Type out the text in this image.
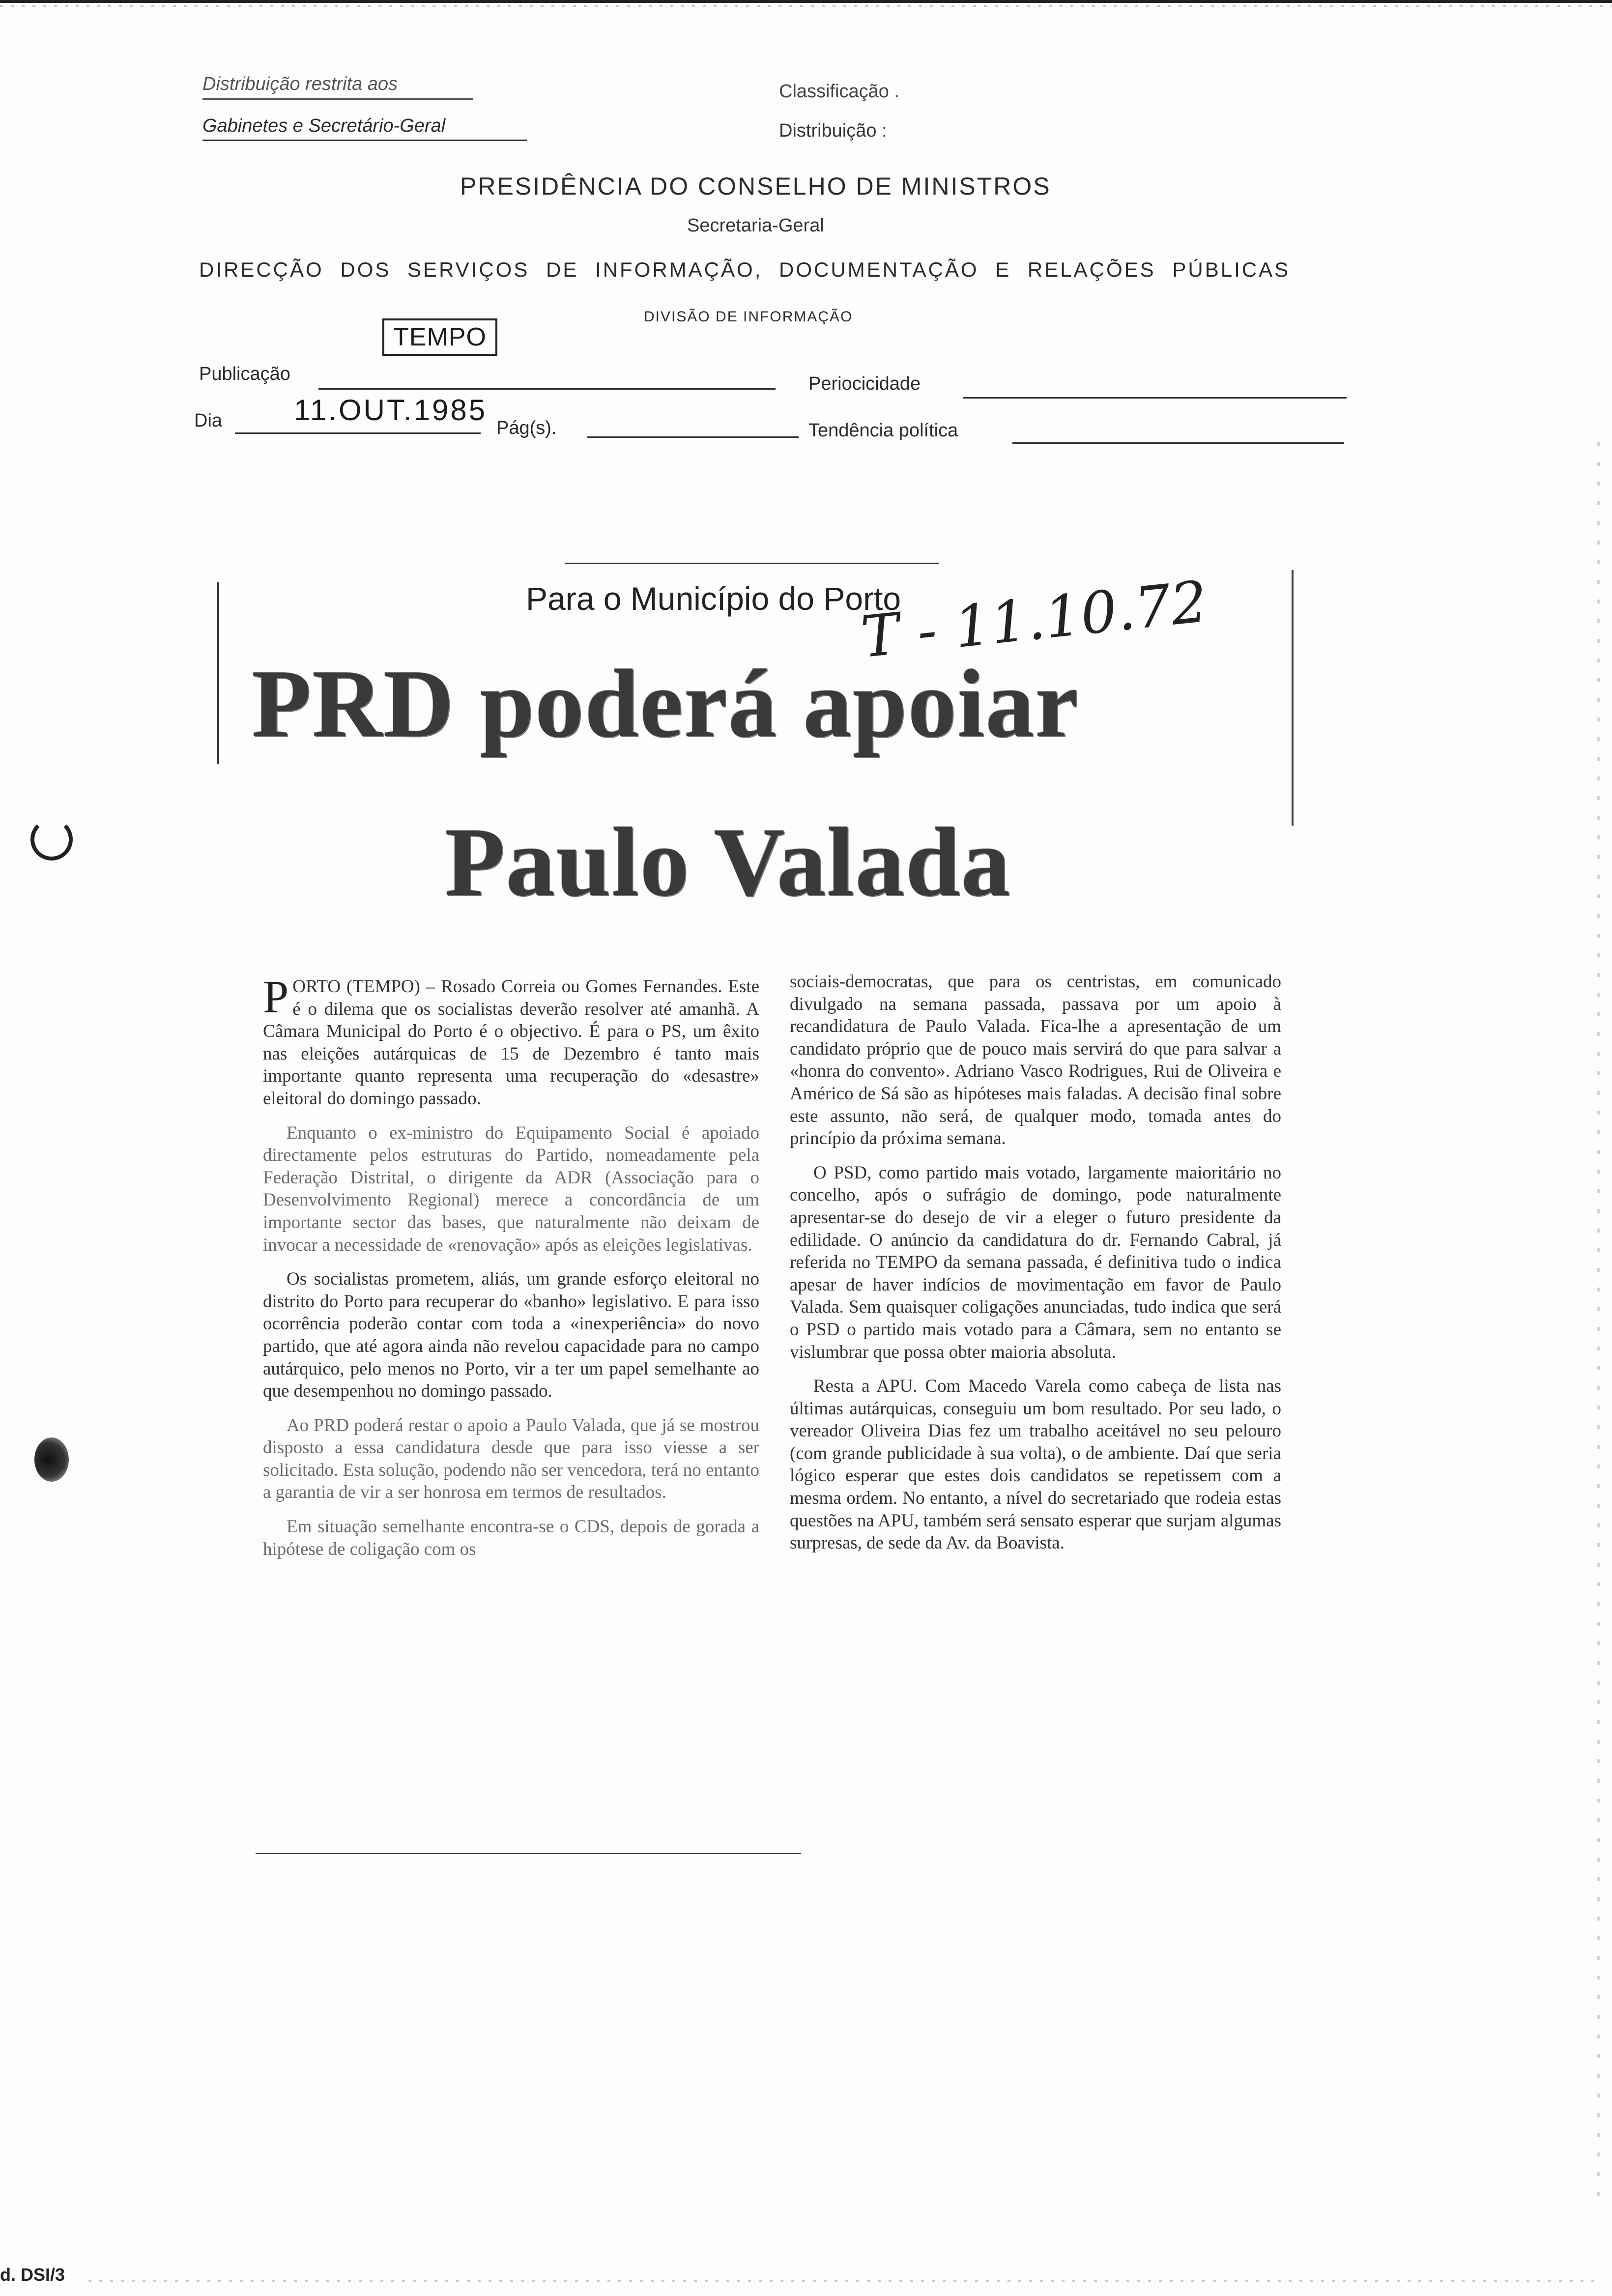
Distribuição restrita aos
Gabinetes e Secretário-Geral
Classificação .
Distribuição :
PRESIDÊNCIA DO CONSELHO DE MINISTROS
Secretaria-Geral
DIRECÇÃO DOS SERVIÇOS DE INFORMAÇÃO, DOCUMENTAÇÃO E RELAÇÕES PÚBLICAS
DIVISÃO DE INFORMAÇÃO
Publicação
TEMPO
Periocicidade
Dia 11.OUT.1985
Pág(s).	Tendência política
Para o Município do Porto
T - 11.10.72
PRD poderá apoiar
Paulo Valada

PORTO (TEMPO) – Rosado Correia ou Gomes Fernandes. Este é o dilema que os socialistas deverão resolver até amanhã. A Câmara Municipal do Porto é o objectivo. É para o PS, um êxito nas eleições autárquicas de 15 de Dezembro é tanto mais importante quanto representa uma recuperação do «desastre» eleitoral do domingo passado.

Enquanto o ex-ministro do Equipamento Social é apoiado directamente pelos estruturas do Partido, nomeadamente pela Federação Distrital, o dirigente da ADR (Associação para o Desenvolvimento Regional) merece a concordância de um importante sector das bases, que naturalmente não deixam de invocar a necessidade de «renovação» após as eleições legislativas.

Os socialistas prometem, aliás, um grande esforço eleitoral no distrito do Porto para recuperar do «banho» legislativo. E para isso ocorrência poderão contar com toda a «inexperiência» do novo partido, que até agora ainda não revelou capacidade para no campo autárquico, pelo menos no Porto, vir a ter um papel semelhante ao que desempenhou no domingo passado.

Ao PRD poderá restar o apoio a Paulo Valada, que já se mostrou disposto a essa candidatura desde que para isso viesse a ser solicitado. Esta solução, podendo não ser vencedora, terá no entanto a garantia de vir a ser honrosa em termos de resultados.

Em situação semelhante encontra-se o CDS, depois de gorada a hipótese de coligação com os

sociais-democratas, que para os centristas, em comunicado divulgado na semana passada, passava por um apoio à recandidatura de Paulo Valada. Fica-lhe a apresentação de um candidato próprio que de pouco mais servirá do que para salvar a «honra do convento». Adriano Vasco Rodrigues, Rui de Oliveira e Américo de Sá são as hipóteses mais faladas. A decisão final sobre este assunto, não será, de qualquer modo, tomada antes do princípio da próxima semana.

O PSD, como partido mais votado, largamente maioritário no concelho, após o sufrágio de domingo, pode naturalmente apresentar-se do desejo de vir a eleger o futuro presidente da edilidade. O anúncio da candidatura do dr. Fernando Cabral, já referida no TEMPO da semana passada, é definitiva tudo o indica apesar de haver indícios de movimentação em favor de Paulo Valada. Sem quaisquer coligações anunciadas, tudo indica que será o PSD o partido mais votado para a Câmara, sem no entanto se vislumbrar que possa obter maioria absoluta.

Resta a APU. Com Macedo Varela como cabeça de lista nas últimas autárquicas, conseguiu um bom resultado. Por seu lado, o vereador Oliveira Dias fez um trabalho aceitável no seu pelouro (com grande publicidade à sua volta), o de ambiente. Daí que seria lógico esperar que estes dois candidatos se repetissem com a mesma ordem. No entanto, a nível do secretariado que rodeia estas questões na APU, também será sensato esperar que surjam algumas surpresas, de sede da Av. da Boavista.

d. DSI/3
